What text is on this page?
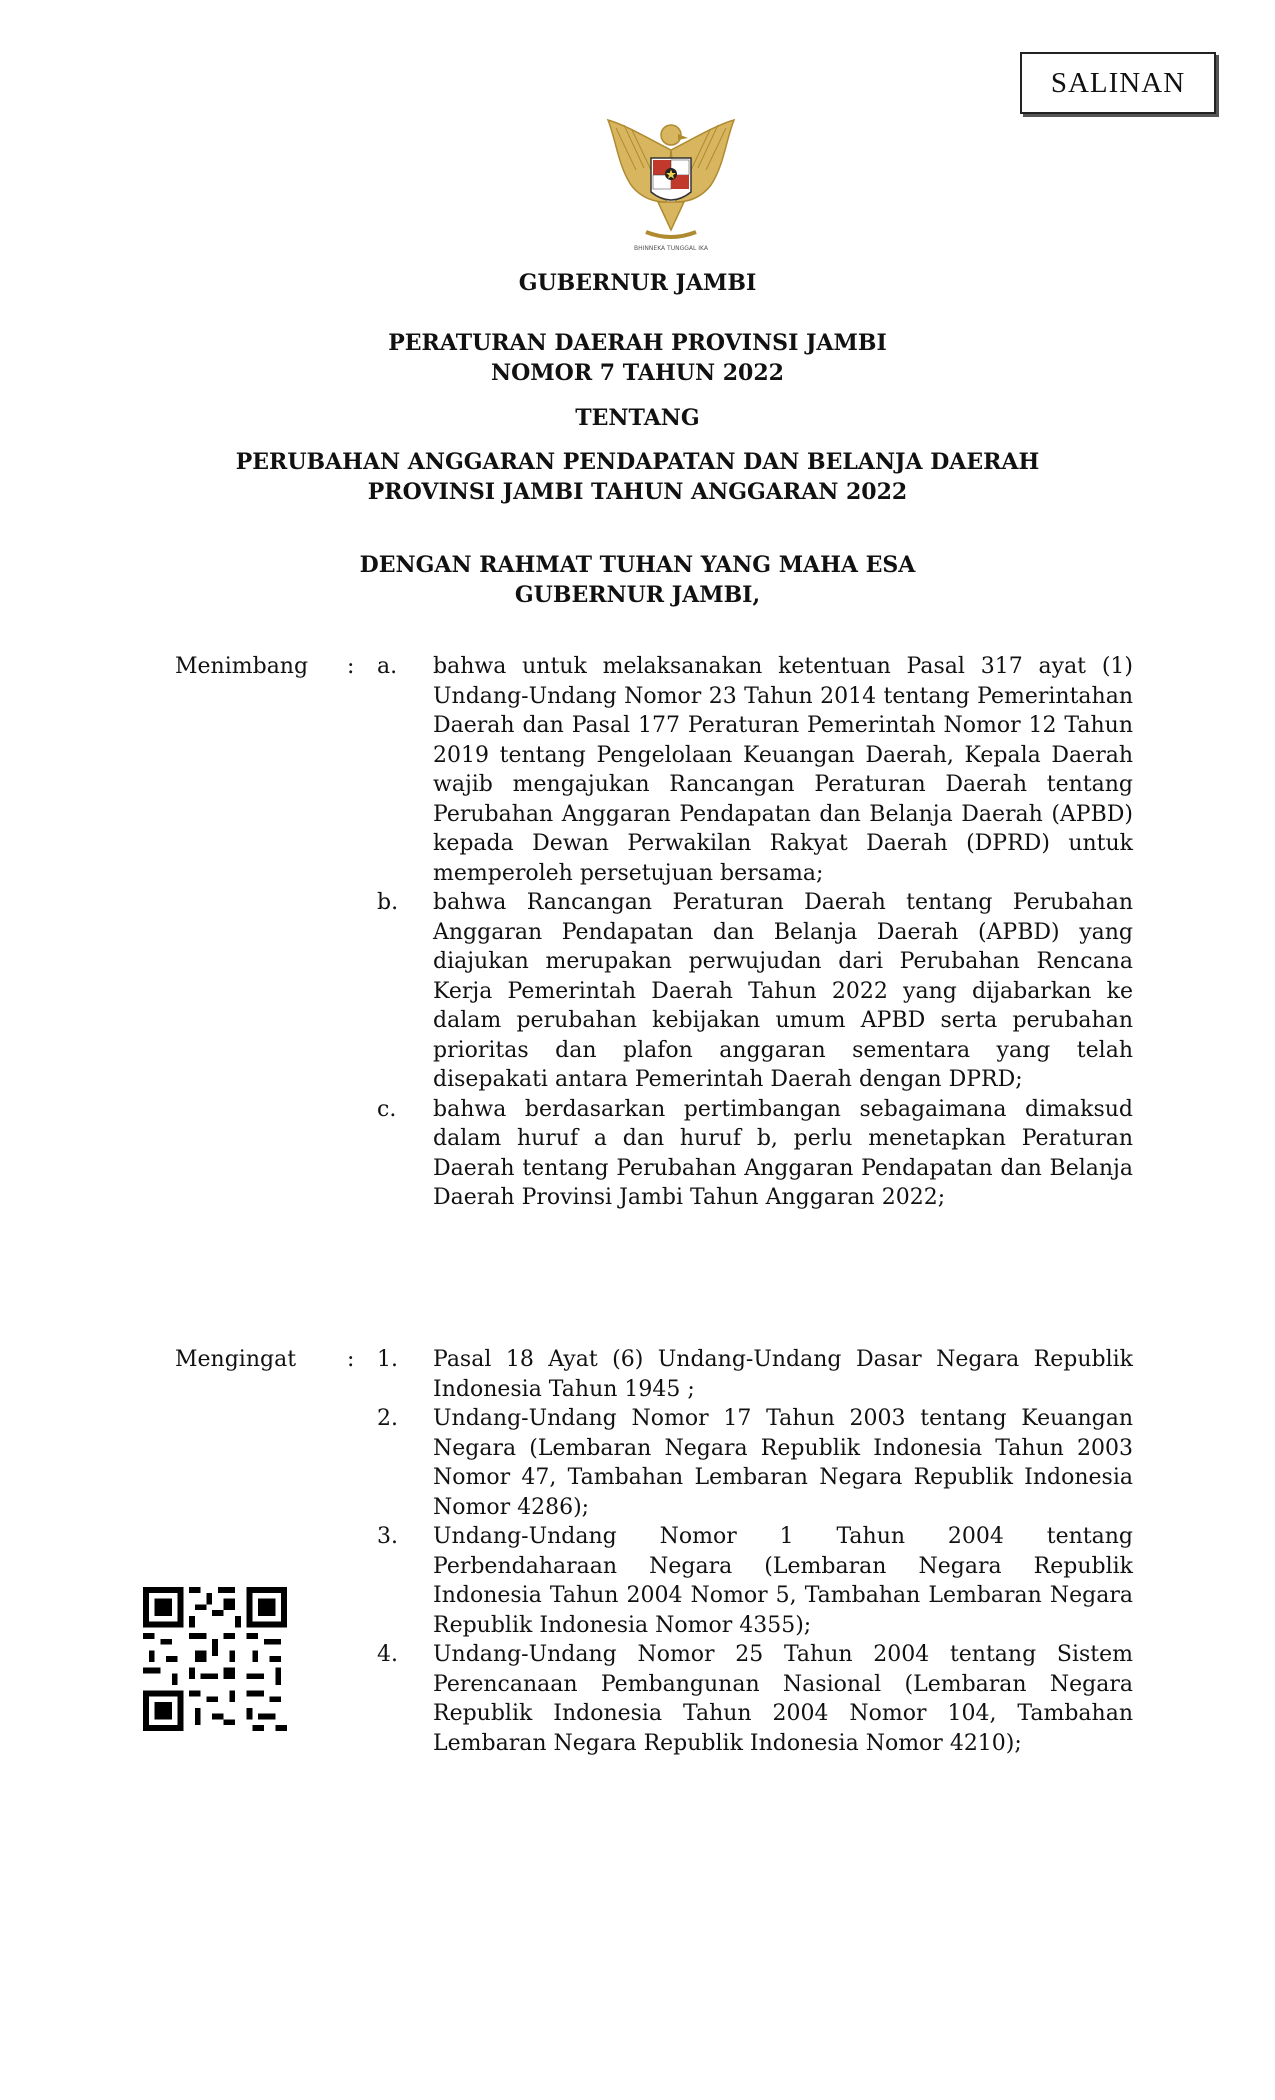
SALINAN
BHINNEKA TUNGGAL IKA
GUBERNUR JAMBI
PERATURAN DAERAH PROVINSI JAMBI
NOMOR 7 TAHUN 2022
TENTANG
PERUBAHAN ANGGARAN PENDAPATAN DAN BELANJA DAERAH
PROVINSI JAMBI TAHUN ANGGARAN 2022
DENGAN RAHMAT TUHAN YANG MAHA ESA
GUBERNUR JAMBI,
Menimbang	:	a.	bahwa untuk melaksanakan ketentuan Pasal 317 ayat (1) Undang-Undang Nomor 23 Tahun 2014 tentang Pemerintahan Daerah dan Pasal 177 Peraturan Pemerintah Nomor 12 Tahun 2019 tentang Pengelolaan Keuangan Daerah, Kepala Daerah wajib mengajukan Rancangan Peraturan Daerah tentang Perubahan Anggaran Pendapatan dan Belanja Daerah (APBD) kepada Dewan Perwakilan Rakyat Daerah (DPRD) untuk memperoleh persetujuan bersama;
b.	bahwa Rancangan Peraturan Daerah tentang Perubahan Anggaran Pendapatan dan Belanja Daerah (APBD) yang diajukan merupakan perwujudan dari Perubahan Rencana Kerja Pemerintah Daerah Tahun 2022 yang dijabarkan ke dalam perubahan kebijakan umum APBD serta perubahan prioritas dan plafon anggaran sementara yang telah disepakati antara Pemerintah Daerah dengan DPRD;
c.	bahwa berdasarkan pertimbangan sebagaimana dimaksud dalam huruf a dan huruf b, perlu menetapkan Peraturan Daerah tentang Perubahan Anggaran Pendapatan dan Belanja Daerah Provinsi Jambi Tahun Anggaran 2022;
Mengingat	:	1.	Pasal 18 Ayat (6) Undang-Undang Dasar Negara Republik Indonesia Tahun 1945 ;
2.	Undang-Undang Nomor 17 Tahun 2003 tentang Keuangan Negara (Lembaran Negara Republik Indonesia Tahun 2003 Nomor 47, Tambahan Lembaran Negara Republik Indonesia Nomor 4286);
3.	Undang-Undang Nomor 1 Tahun 2004 tentang Perbendaharaan Negara (Lembaran Negara Republik Indonesia Tahun 2004 Nomor 5, Tambahan Lembaran Negara Republik Indonesia Nomor 4355);
4.	Undang-Undang Nomor 25 Tahun 2004 tentang Sistem Perencanaan Pembangunan Nasional (Lembaran Negara Republik Indonesia Tahun 2004 Nomor 104, Tambahan Lembaran Negara Republik Indonesia Nomor 4210);
